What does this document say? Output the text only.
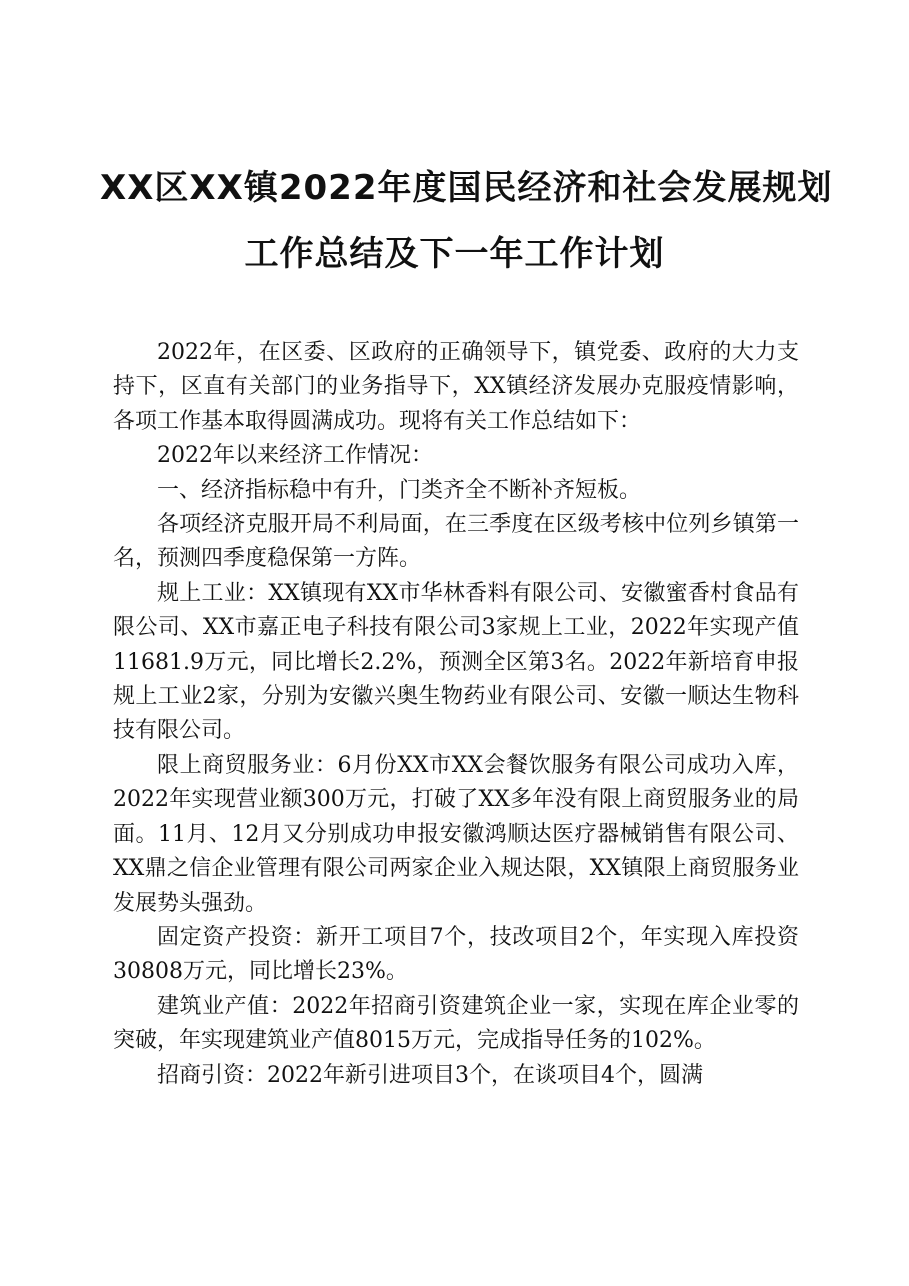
XX区XX镇2022年度国民经济和社会发展规划
工作总结及下一年工作计划

2022年，在区委、区政府的正确领导下，镇党委、政府的大力支持下，区直有关部门的业务指导下，XX镇经济发展办克服疫情影响，各项工作基本取得圆满成功。现将有关工作总结如下：

2022年以来经济工作情况：

一、经济指标稳中有升，门类齐全不断补齐短板。

各项经济克服开局不利局面，在三季度在区级考核中位列乡镇第一名，预测四季度稳保第一方阵。

规上工业：XX镇现有XX市华林香料有限公司、安徽蜜香村食品有限公司、XX市嘉正电子科技有限公司3家规上工业，2022年实现产值11681.9万元，同比增长2.2%，预测全区第3名。2022年新培育申报规上工业2家，分别为安徽兴奥生物药业有限公司、安徽一顺达生物科技有限公司。

限上商贸服务业：6月份XX市XX会餐饮服务有限公司成功入库，2022年实现营业额300万元，打破了XX多年没有限上商贸服务业的局面。11月、12月又分别成功申报安徽鸿顺达医疗器械销售有限公司、XX鼎之信企业管理有限公司两家企业入规达限，XX镇限上商贸服务业发展势头强劲。

固定资产投资：新开工项目7个，技改项目2个，年实现入库投资30808万元，同比增长23%。

建筑业产值：2022年招商引资建筑企业一家，实现在库企业零的突破，年实现建筑业产值8015万元，完成指导任务的102%。

招商引资：2022年新引进项目3个，在谈项目4个，圆满
